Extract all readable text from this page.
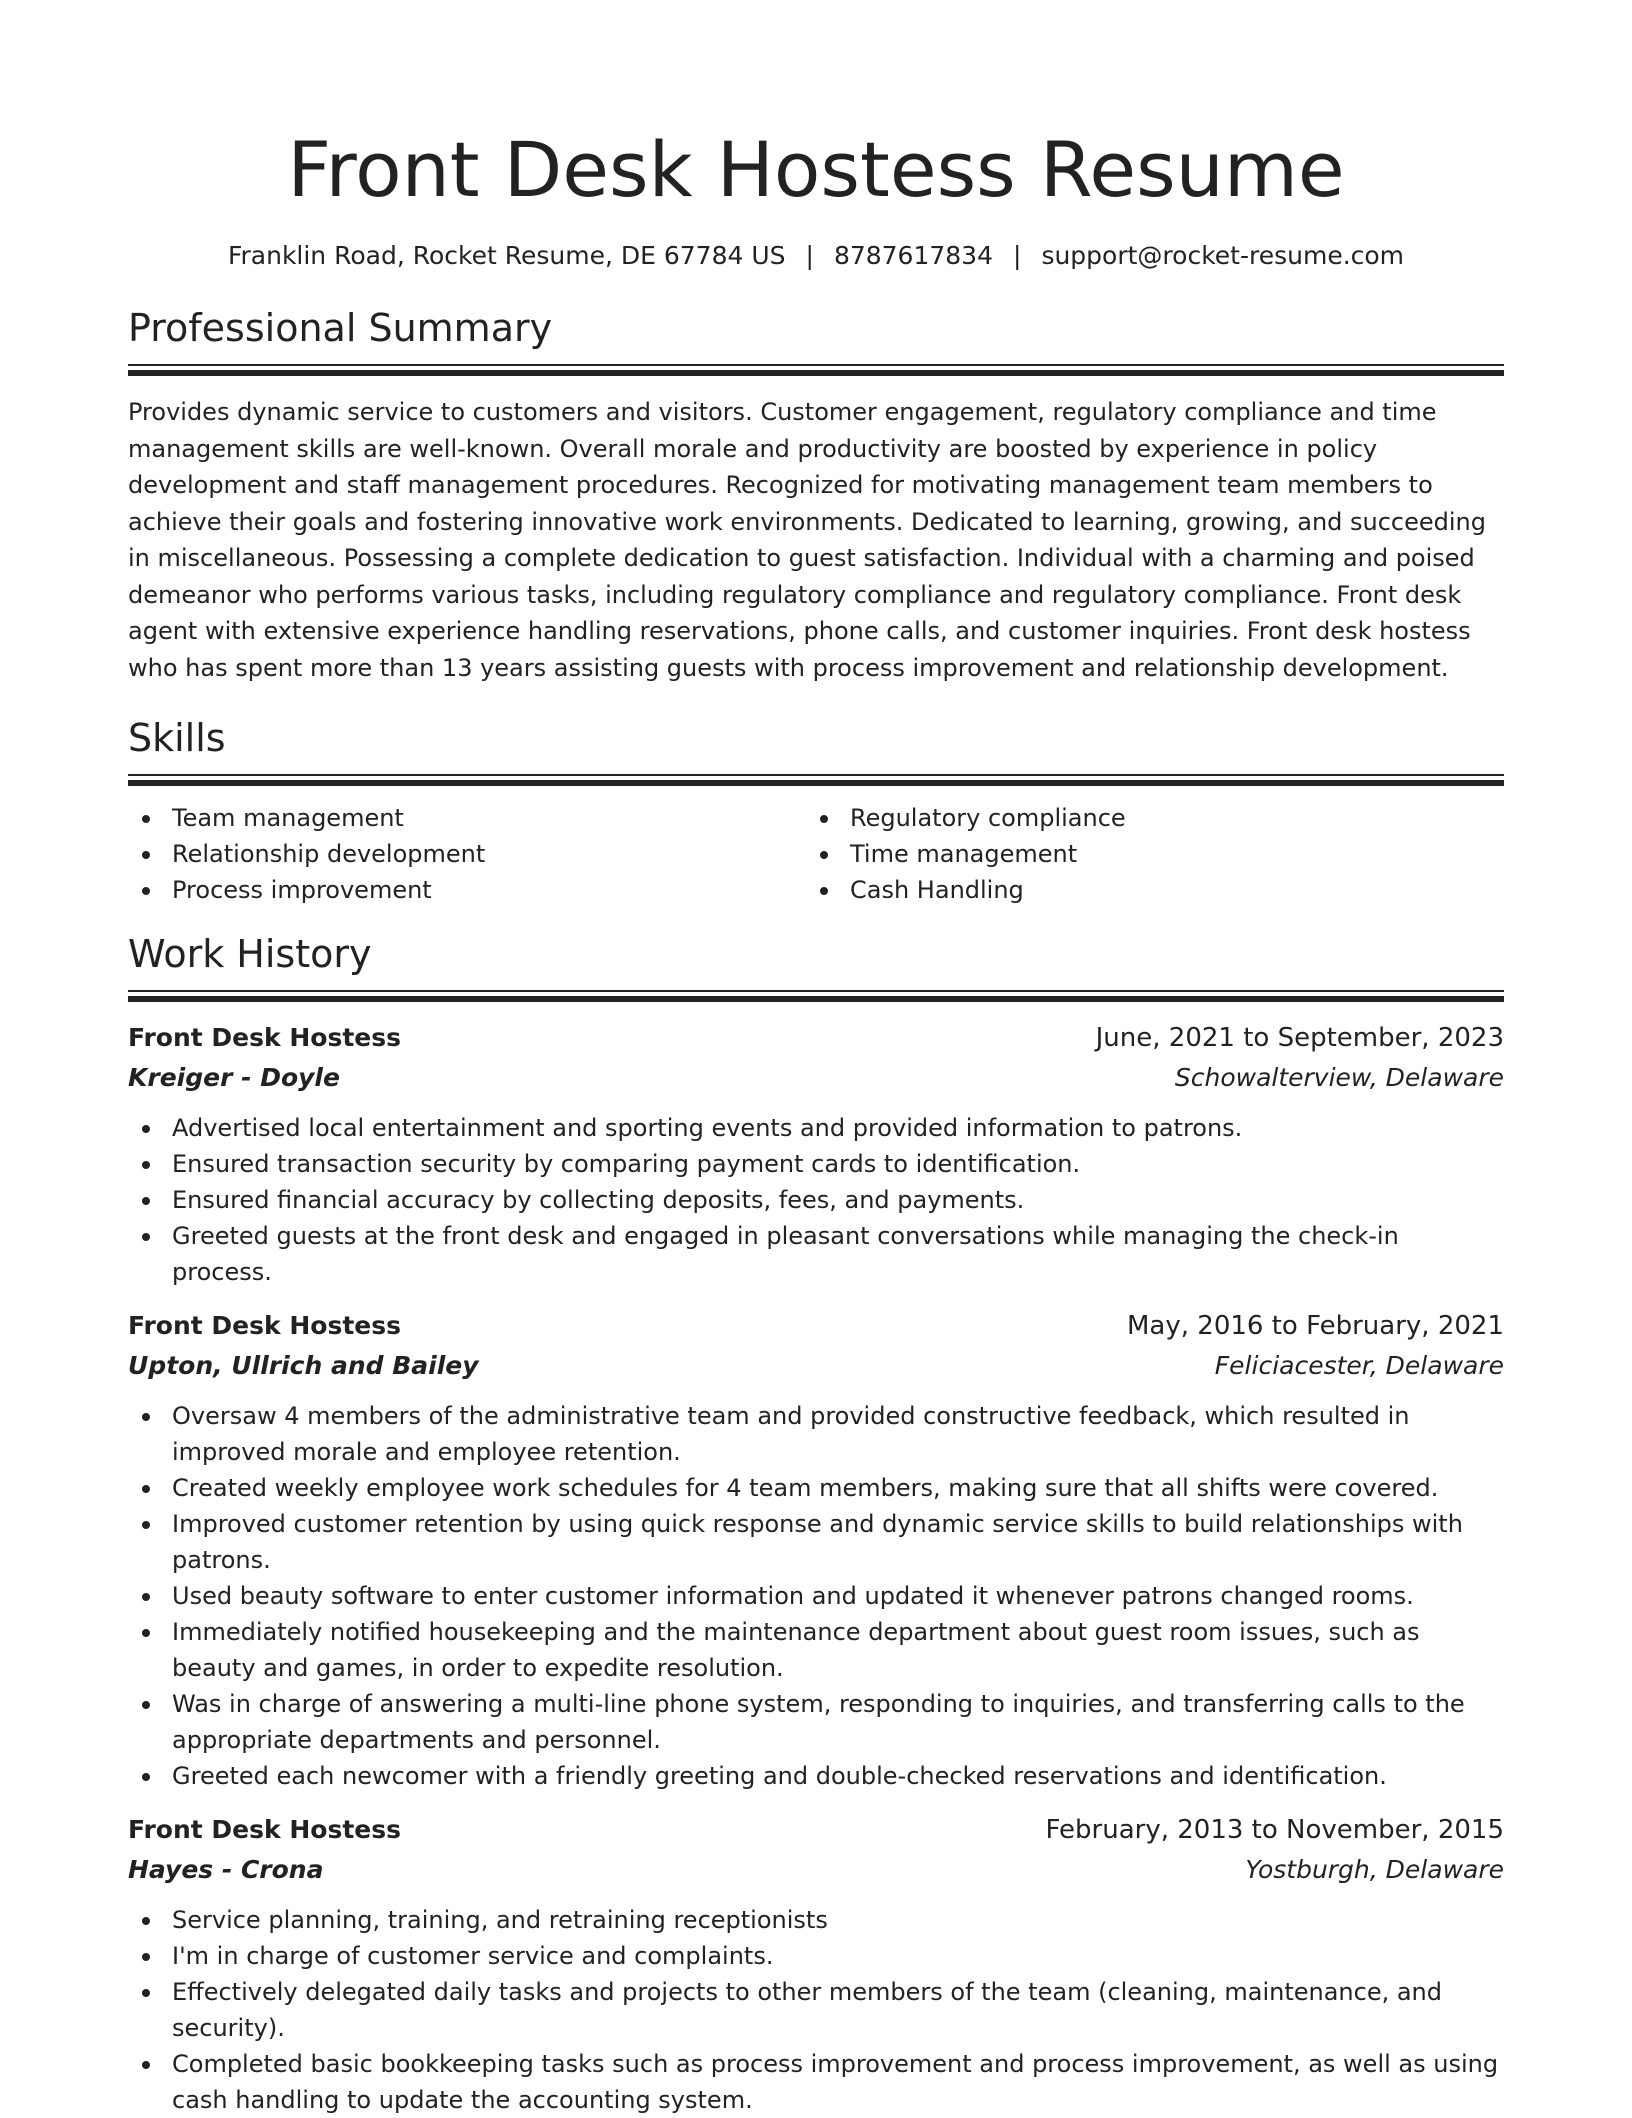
Front Desk Hostess Resume
Franklin Road, Rocket Resume, DE 67784 US | 8787617834 | support@rocket-resume.com
Professional Summary

Provides dynamic service to customers and visitors. Customer engagement, regulatory compliance and time management skills are well-known. Overall morale and productivity are boosted by experience in policy development and staff management procedures. Recognized for motivating management team members to achieve their goals and fostering innovative work environments. Dedicated to learning, growing, and succeeding in miscellaneous. Possessing a complete dedication to guest satisfaction. Individual with a charming and poised demeanor who performs various tasks, including regulatory compliance and regulatory compliance. Front desk agent with extensive experience handling reservations, phone calls, and customer inquiries. Front desk hostess who has spent more than 13 years assisting guests with process improvement and relationship development.

Skills
Team management
Relationship development
Process improvement
Regulatory compliance
Time management
Cash Handling
Work History
Front Desk Hostess	June, 2021 to September, 2023
Kreiger - Doyle	Schowalterview, Delaware
Advertised local entertainment and sporting events and provided information to patrons.
Ensured transaction security by comparing payment cards to identification.
Ensured financial accuracy by collecting deposits, fees, and payments.
Greeted guests at the front desk and engaged in pleasant conversations while managing the check-in process.
Front Desk Hostess	May, 2016 to February, 2021
Upton, Ullrich and Bailey	Feliciacester, Delaware
Oversaw 4 members of the administrative team and provided constructive feedback, which resulted in improved morale and employee retention.
Created weekly employee work schedules for 4 team members, making sure that all shifts were covered.
Improved customer retention by using quick response and dynamic service skills to build relationships with patrons.
Used beauty software to enter customer information and updated it whenever patrons changed rooms.
Immediately notified housekeeping and the maintenance department about guest room issues, such as beauty and games, in order to expedite resolution.
Was in charge of answering a multi-line phone system, responding to inquiries, and transferring calls to the appropriate departments and personnel.
Greeted each newcomer with a friendly greeting and double-checked reservations and identification.
Front Desk Hostess	February, 2013 to November, 2015
Hayes - Crona	Yostburgh, Delaware
Service planning, training, and retraining receptionists
I'm in charge of customer service and complaints.
Effectively delegated daily tasks and projects to other members of the team (cleaning, maintenance, and security).
Completed basic bookkeeping tasks such as process improvement and process improvement, as well as using cash handling to update the accounting system.
